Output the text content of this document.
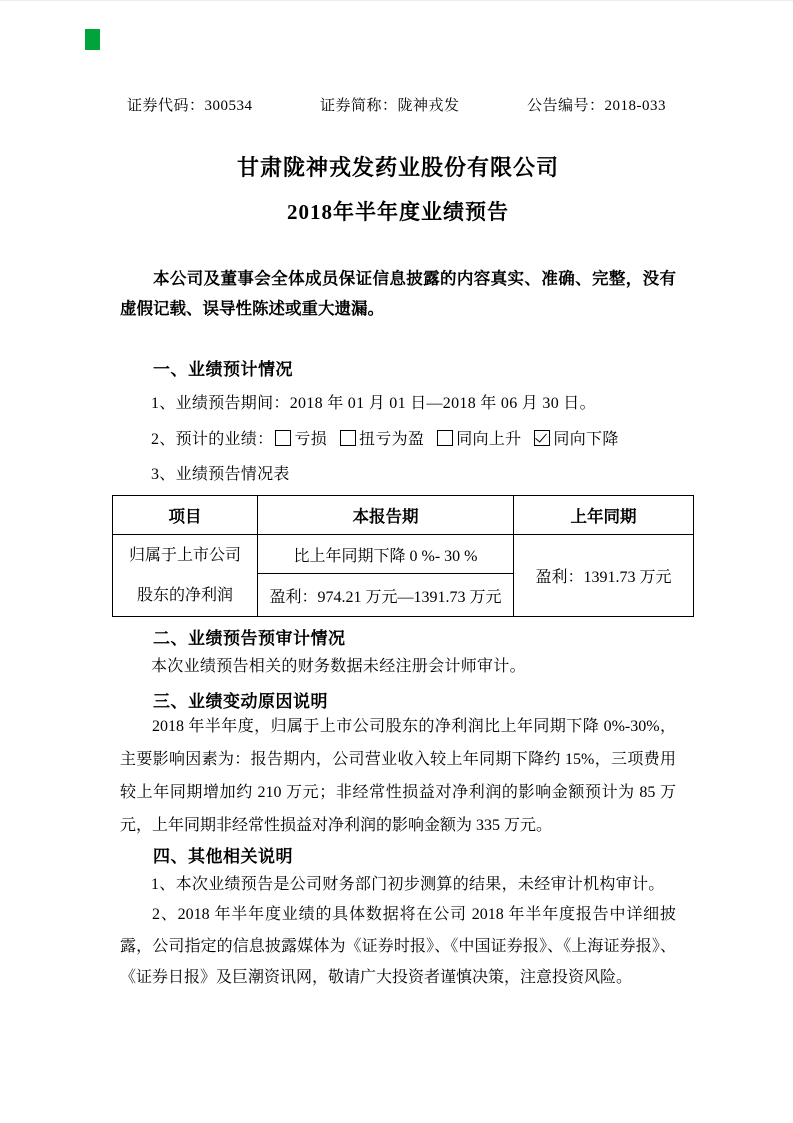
证券代码：300534	证券简称：陇神戎发	公告编号：2018-033
甘肃陇神戎发药业股份有限公司
2018年半年度业绩预告

本公司及董事会全体成员保证信息披露的内容真实、准确、完整，没有虚假记载、误导性陈述或重大遗漏。

一、业绩预计情况
1、业绩预告期间：2018 年 01 月 01 日—2018 年 06 月 30 日。
2、预计的业绩： 亏损 扭亏为盈 同向上升 同向下降
3、业绩预告情况表
项目	本报告期	上年同期

归属于上市公司
股东的净利润	比上年同期下降 0 %- 30 %	盈利：1391.73 万元
	盈利：974.21 万元—1391.73 万元	
二、业绩预告预审计情况
本次业绩预告相关的财务数据未经注册会计师审计。
三、业绩变动原因说明

2018 年半年度，归属于上市公司股东的净利润比上年同期下降 0%-30%，主要影响因素为：报告期内，公司营业收入较上年同期下降约 15%，三项费用较上年同期增加约 210 万元；非经常性损益对净利润的影响金额预计为 85 万元，上年同期非经常性损益对净利润的影响金额为 335 万元。

四、其他相关说明
1、本次业绩预告是公司财务部门初步测算的结果，未经审计机构审计。

2、2018 年半年度业绩的具体数据将在公司 2018 年半年度报告中详细披露，公司指定的信息披露媒体为《证券时报》、《中国证券报》、《上海证券报》、《证券日报》及巨潮资讯网，敬请广大投资者谨慎决策，注意投资风险。
